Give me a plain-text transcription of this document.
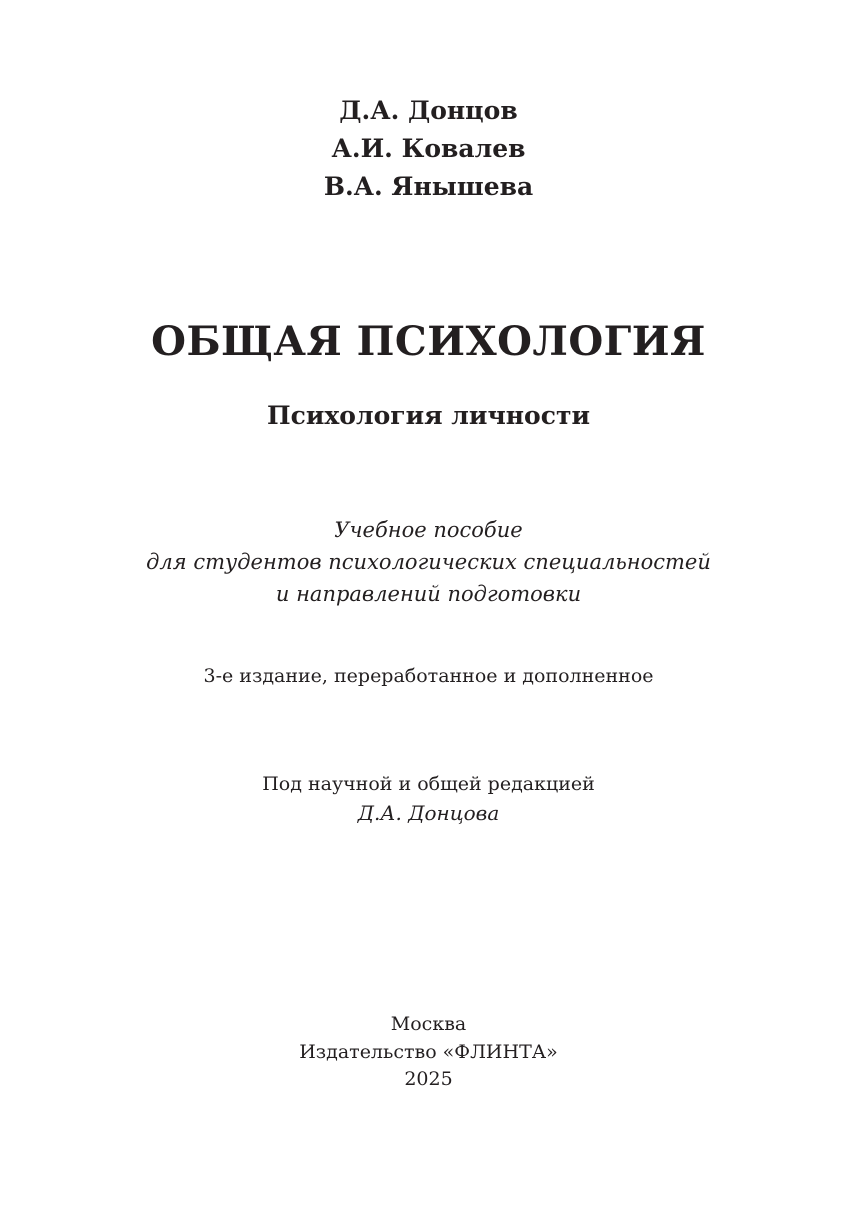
Д.А. Донцов

А.И. Ковалев

В.А. Янышева

ОБЩАЯ ПСИХОЛОГИЯ
Психология личности

Учебное пособие

для студентов психологических специальностей

и направлений подготовки

3-е издание, переработанное и дополненное

Под научной и общей редакцией

Д.А. Донцова

Москва

Издательство «ФЛИНТА»

2025
